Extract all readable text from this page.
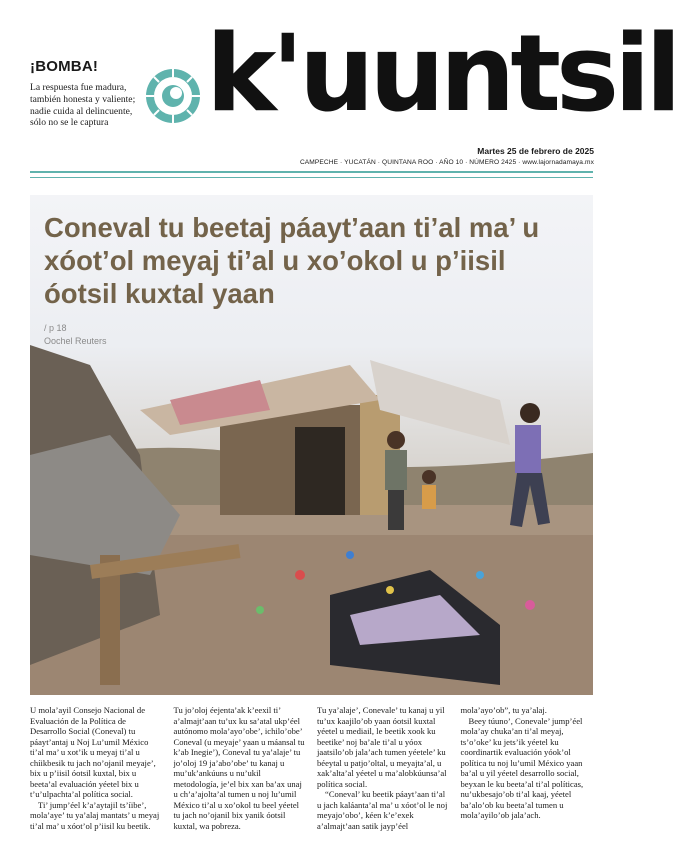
¡BOMBA!
La respuesta fue madura, también honesta y valiente; nadie cuida al delincuente, sólo no se le captura k'uuntsil
Martes 25 de febrero de 2025
CAMPECHE · YUCATÁN · QUINTANA ROO · AÑO 10 · NÚMERO 2425 · www.lajornadamaya.mx
Coneval tu beetaj páayt’aan ti’al ma’ u xóot’ol meyaj ti’al u xo’okol u p’iisil óotsil kuxtal yaan
/ p 18
Oochel Reuters

U mola’ayil Consejo Nacional de Evaluación de la Política de Desarrollo Social (Coneval) tu páayt’antaj u Noj Lu’umil México ti’al ma’ u xot’ik u meyaj ti’al u chíikbesik tu jach no’ojanil meyaje’, bix u p’iisil óotsil kuxtal, bix u beeta’al evaluación yéetel bix u t’u’ulpachta’al política social.

Ti’ jump’éel k’a’aytajil ts’íibe’, mola’aye’ tu ya’alaj mantats’ u meyaj ti’al ma’ u xóot’ol p’iisil ku beetik.

Tu jo’oloj éejenta’ak k’eexil ti’ a’almajt’aan tu’ux ku sa’atal ukp’éel autónomo mola’ayo’obe’, ichilo’obe’ Coneval (u meyaje’ yaan u máansal tu k’ab Inegie’), Coneval tu ya’alaje’ tu jo’oloj 19 ja’abo’obe’ tu kanaj u mu’uk’ankúuns u nu’ukil metodología, je’el bix xan ba’ax unaj u ch’a’ajolta’al tumen u noj lu’umil México ti’al u xo’okol tu beel yéetel tu jach no’ojanil bix yanik óotsil kuxtal, wa pobreza.

Tu ya’alaje’, Conevale’ tu kanaj u yil tu’ux kaajilo’ob yaan óotsil kuxtal yéetel u mediail, le beetik xook ku beetike’ noj ba’ale ti’al u yóox jaatsilo’ob jala’ach tumen yéetele’ ku béeytal u patjo’oltal, u meyajta’al, u xak’alta’al yéetel u ma’alobkúunsa’al política social.

“Coneval’ ku beetik páayt’aan ti’al u jach kaláanta’al ma’ u xóot’ol le noj meyajo’obo’, kéen k’e’exek a’almajt’aan satik jayp’éel

mola’ayo’ob”, tu ya’alaj.

Beey túuno’, Conevale’ jump’éel mola’ay chuka’an ti’al meyaj, ts’o’oke’ ku jets’ik yéetel ku coordinartik evaluación yóok’ol política tu noj lu’umil México yaan ba’al u yil yéetel desarrollo social, beyxan le ku beeta’al ti’al políticas, nu’ukbesajo’ob ti’al kaaj, yéetel ba’alo’ob ku beeta’al tumen u mola’ayilo’ob jala’ach.
